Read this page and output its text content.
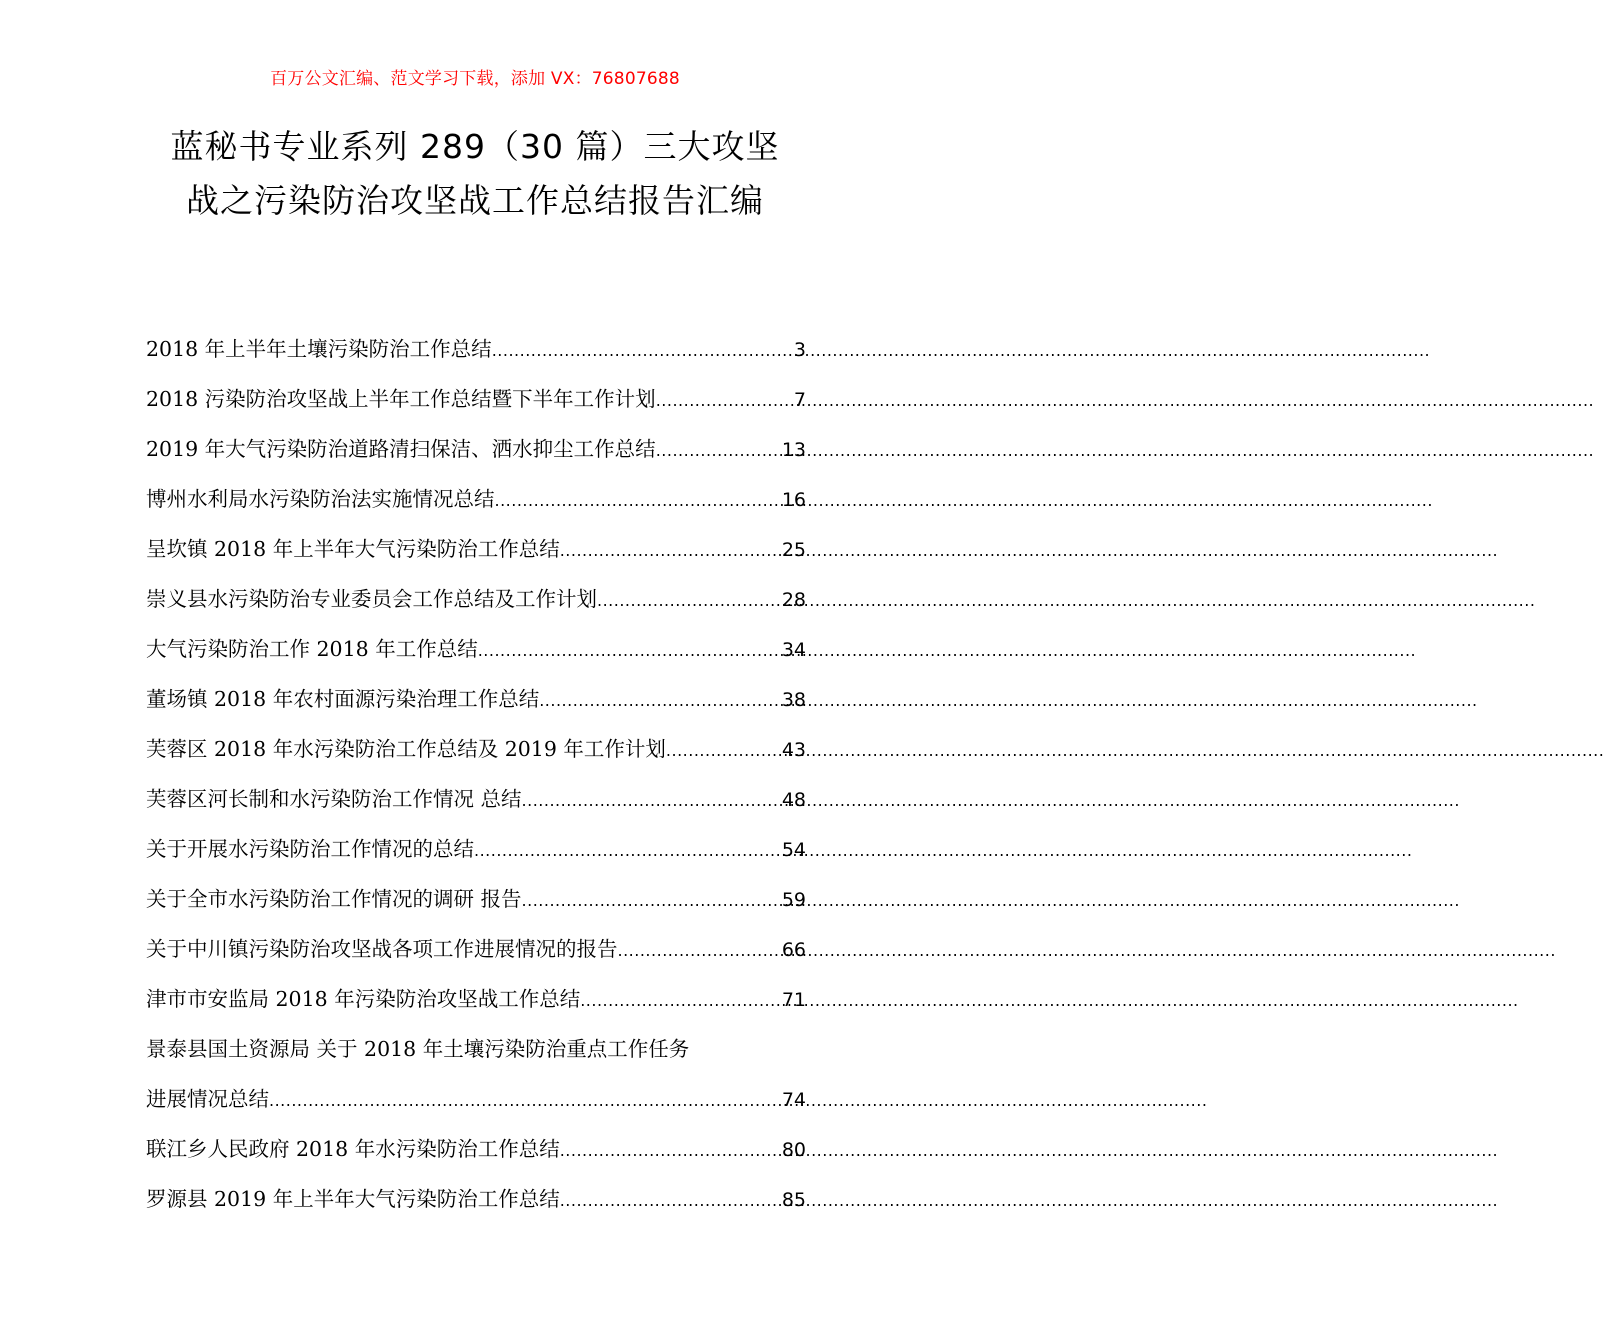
百万公文汇编、范文学习下载，添加 VX：76807688
蓝秘书专业系列 289（30 篇）三大攻坚
战之污染防治攻坚战工作总结报告汇编
2018 年上半年土壤污染防治工作总结 .....	3
2018 污染防治攻坚战上半年工作总结暨下半年工作计划 .....	7
2019 年大气污染防治道路清扫保洁、洒水抑尘工作总结 .....	13
博州水利局水污染防治法实施情况总结 .....	16
呈坎镇 2018 年上半年大气污染防治工作总结 .....	25
崇义县水污染防治专业委员会工作总结及工作计划 .....	28
大气污染防治工作 2018 年工作总结 .....	34
董场镇 2018 年农村面源污染治理工作总结 .....	38
芙蓉区 2018 年水污染防治工作总结及 2019 年工作计划 .....	43
芙蓉区河长制和水污染防治工作情况 总结 .....	48
关于开展水污染防治工作情况的总结 .....	54
关于全市水污染防治工作情况的调研 报告 .....	59
关于中川镇污染防治攻坚战各项工作进展情况的报告 .....	66
津市市安监局 2018 年污染防治攻坚战工作总结 .....	71
景泰县国土资源局 关于 2018 年土壤污染防治重点工作任务
进展情况总结 .....	74
联江乡人民政府 2018 年水污染防治工作总结 .....	80
罗源县 2019 年上半年大气污染防治工作总结 .....	85
